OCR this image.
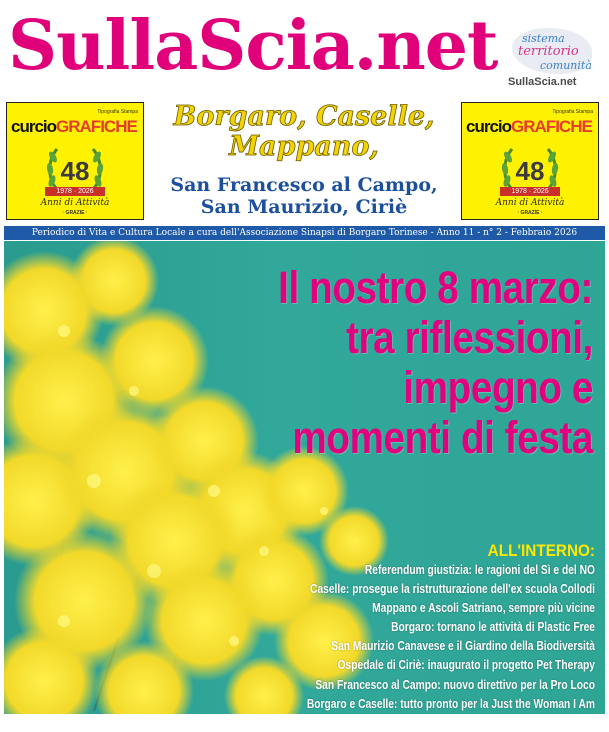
SullaScia.net sistema
territorio
comunità
SullaScia.net
Tipografia Stampa
curcioGRAFICHE
48
1978 · 2026
Anni di Attività
· GRAZIE ·
Borgaro, Caselle,
Mappano,
San Francesco al Campo,
San Maurizio, Ciriè
Tipografia Stampa
curcioGRAFICHE
48
1978 · 2026
Anni di Attività
· GRAZIE ·
Periodico di Vita e Cultura Locale a cura dell'Associazione Sinapsi di Borgaro Torinese - Anno 11 - n° 2 - Febbraio 2026
Il nostro 8 marzo:
tra riflessioni,
impegno e
momenti di festa
ALL'INTERNO:
Referendum giustizia: le ragioni del Sì e del NO
Caselle: prosegue la ristrutturazione dell'ex scuola Collodi
Mappano e Ascoli Satriano, sempre più vicine
Borgaro: tornano le attività di Plastic Free
San Maurizio Canavese e il Giardino della Biodiversità
Ospedale di Ciriè: inaugurato il progetto Pet Therapy
San Francesco al Campo: nuovo direttivo per la Pro Loco
Borgaro e Caselle: tutto pronto per la Just the Woman I Am
